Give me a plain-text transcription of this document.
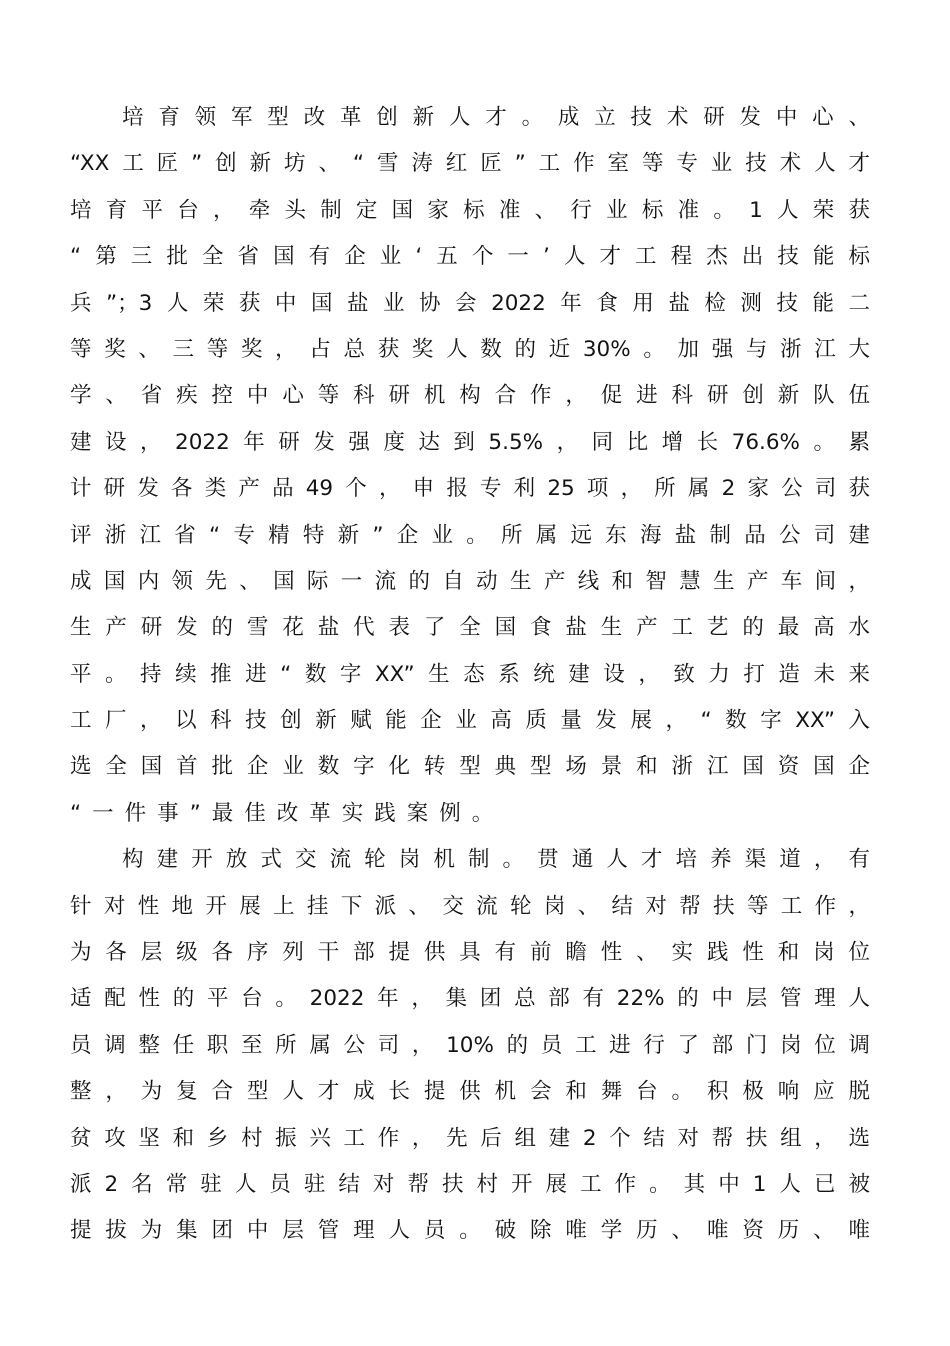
培育领军型改革创新人才。成立技术研发中心、
“XX工匠”创新坊、“雪涛红匠”工作室等专业技术人才
培育平台，牵头制定国家标准、行业标准。1人荣获
“第三批全省国有企业‘五个一’人才工程杰出技能标
兵”；3人荣获中国盐业协会2022年食用盐检测技能二
等奖、三等奖，占总获奖人数的近30%。加强与浙江大
学、省疾控中心等科研机构合作，促进科研创新队伍
建设，2022年研发强度达到5.5%，同比增长76.6%。累
计研发各类产品49个，申报专利25项，所属2家公司获
评浙江省“专精特新”企业。所属远东海盐制品公司建
成国内领先、国际一流的自动生产线和智慧生产车间，
生产研发的雪花盐代表了全国食盐生产工艺的最高水
平。持续推进“数字XX”生态系统建设，致力打造未来
工厂，以科技创新赋能企业高质量发展，“数字XX”入
选全国首批企业数字化转型典型场景和浙江国资国企
“一件事”最佳改革实践案例。
构建开放式交流轮岗机制。贯通人才培养渠道，有
针对性地开展上挂下派、交流轮岗、结对帮扶等工作，
为各层级各序列干部提供具有前瞻性、实践性和岗位
适配性的平台。2022年，集团总部有22%的中层管理人
员调整任职至所属公司，10%的员工进行了部门岗位调
整，为复合型人才成长提供机会和舞台。积极响应脱
贫攻坚和乡村振兴工作，先后组建2个结对帮扶组，选
派2名常驻人员驻结对帮扶村开展工作。其中1人已被
提拔为集团中层管理人员。破除唯学历、唯资历、唯
